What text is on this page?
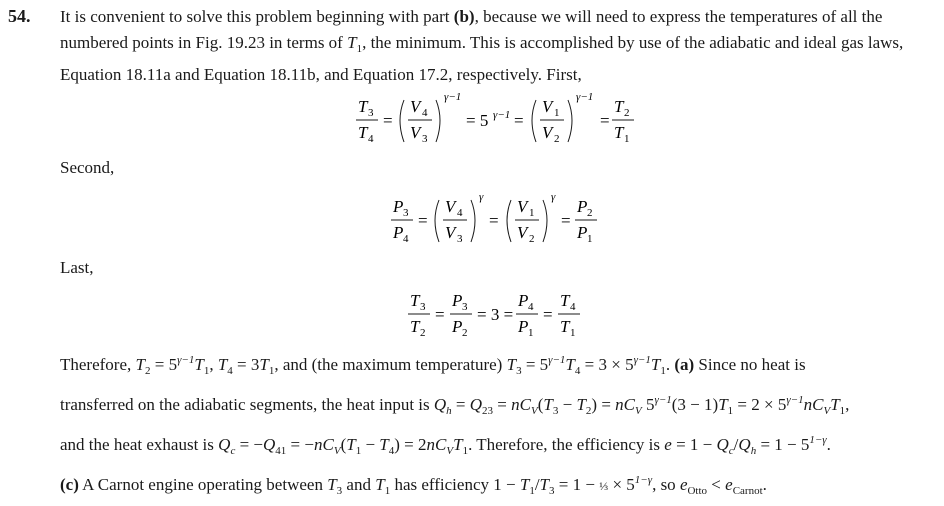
54. It is convenient to solve this problem beginning with part (b), because we will need to express the temperatures of all the numbered points in Fig. 19.23 in terms of $T_1$, the minimum. This is accomplished by use of the adiabatic and ideal gas laws, Equation 18.11a and Equation 18.11b, and Equation 17.2, respectively. First,
T 3
T 4
=
V 4
V 3
γ−1
= 5 γ−1 =
V 1
V 2
γ−1
=
T 2
T 1
Second,
P 3
P 4
=
V 4
V 3
γ
=
V 1
V 2
γ
=
P 2
P 1
Last,
T 3
T 2
=
P 3
P 2
= 3 =
P 4
P 1
=
T 4
T 1
Therefore, $T_2 = 5^{\gamma-1}T_1$, $T_4 = 3T_1$, and (the maximum temperature) $T_3 = 5^{\gamma-1}T_4 = 3 \times 5^{\gamma-1}T_1$. (a) Since no heat is
transferred on the adiabatic segments, the heat input is $Q_h = Q_{23} = nC_V(T_3 - T_2) = nC_V$ $5^{\gamma-1}(3 - 1)T_1 = 2 \times 5^{\gamma-1}nC_VT_1$,
and the heat exhaust is $Q_c = -Q_{41} = -nC_V(T_1 - T_4) = 2nC_VT_1$. Therefore, the efficiency is $e = 1 - Q_c/Q_h = 1 - 5^{1-\gamma}$.
(c) A Carnot engine operating between $T_3$ and $T_1$ has efficiency $1 - T_1/T_3 = 1$ − ⅓ × $5^{1-\gamma}$, so $e_{Otto} < e_{Carnot}$.
